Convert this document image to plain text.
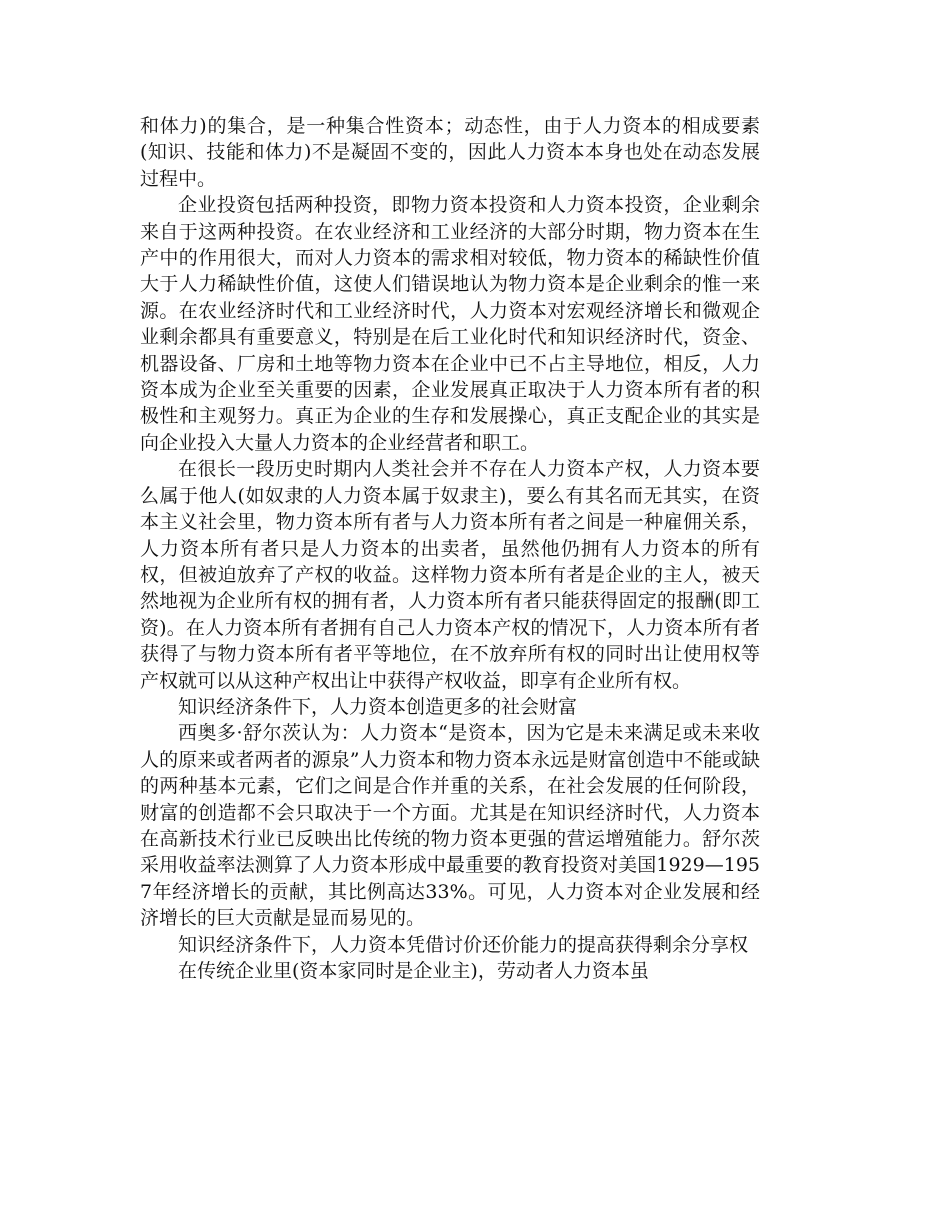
和体力)的集合，是一种集合性资本；动态性，由于人力资本的相成要素(知识、技能和体力)不是凝固不变的，因此人力资本本身也处在动态发展过程中。

企业投资包括两种投资，即物力资本投资和人力资本投资，企业剩余来自于这两种投资。在农业经济和工业经济的大部分时期，物力资本在生产中的作用很大，而对人力资本的需求相对较低，物力资本的稀缺性价值大于人力稀缺性价值，这使人们错误地认为物力资本是企业剩余的惟一来源。在农业经济时代和工业经济时代，人力资本对宏观经济增长和微观企业剩余都具有重要意义，特别是在后工业化时代和知识经济时代，资金、机器设备、厂房和土地等物力资本在企业中已不占主导地位，相反，人力资本成为企业至关重要的因素，企业发展真正取决于人力资本所有者的积极性和主观努力。真正为企业的生存和发展操心，真正支配企业的其实是向企业投入大量人力资本的企业经营者和职工。

在很长一段历史时期内人类社会并不存在人力资本产权，人力资本要么属于他人(如奴隶的人力资本属于奴隶主)，要么有其名而无其实，在资本主义社会里，物力资本所有者与人力资本所有者之间是一种雇佣关系，人力资本所有者只是人力资本的出卖者，虽然他仍拥有人力资本的所有权，但被迫放弃了产权的收益。这样物力资本所有者是企业的主人，被天然地视为企业所有权的拥有者，人力资本所有者只能获得固定的报酬(即工资)。在人力资本所有者拥有自己人力资本产权的情况下，人力资本所有者获得了与物力资本所有者平等地位，在不放弃所有权的同时出让使用权等产权就可以从这种产权出让中获得产权收益，即享有企业所有权。

知识经济条件下，人力资本创造更多的社会财富

西奥多·舒尔茨认为：人力资本“是资本，因为它是未来满足或未来收人的原来或者两者的源泉”人力资本和物力资本永远是财富创造中不能或缺的两种基本元素，它们之间是合作并重的关系，在社会发展的任何阶段，财富的创造都不会只取决于一个方面。尤其是在知识经济时代，人力资本在高新技术行业已反映出比传统的物力资本更强的营运增殖能力。舒尔茨采用收益率法测算了人力资本形成中最重要的教育投资对美国1929—1957年经济增长的贡献，其比例高达33%。可见，人力资本对企业发展和经济增长的巨大贡献是显而易见的。

知识经济条件下，人力资本凭借讨价还价能力的提高获得剩余分享权

在传统企业里(资本家同时是企业主)，劳动者人力资本虽
